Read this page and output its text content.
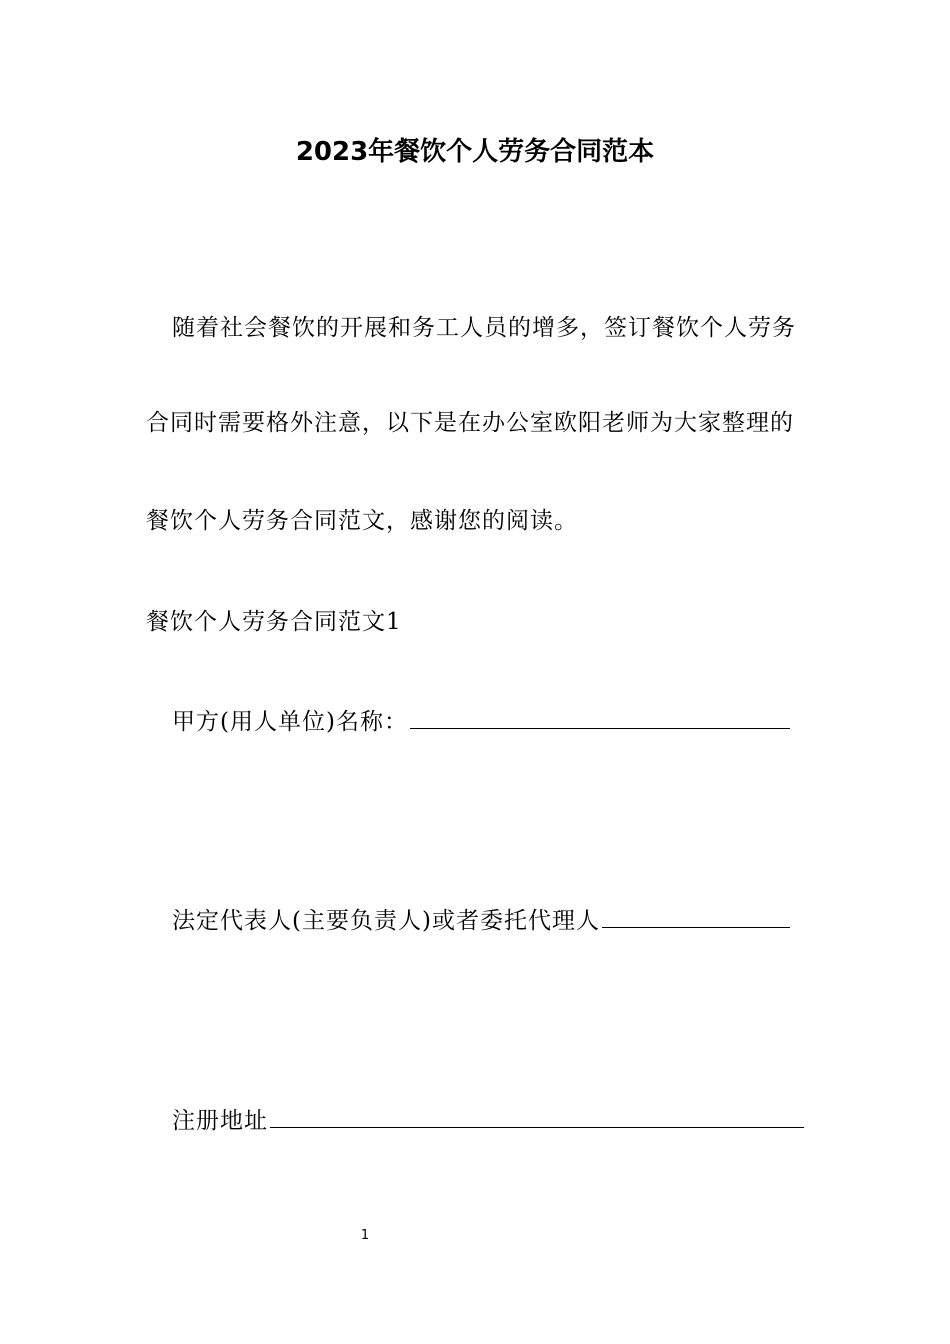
2023年餐饮个人劳务合同范本
随着社会餐饮的开展和务工人员的增多，签订餐饮个人劳务
合同时需要格外注意，以下是在办公室欧阳老师为大家整理的
餐饮个人劳务合同范文，感谢您的阅读。
餐饮个人劳务合同范文1
甲方(用人单位)名称：
法定代表人(主要负责人)或者委托代理人
注册地址
1
